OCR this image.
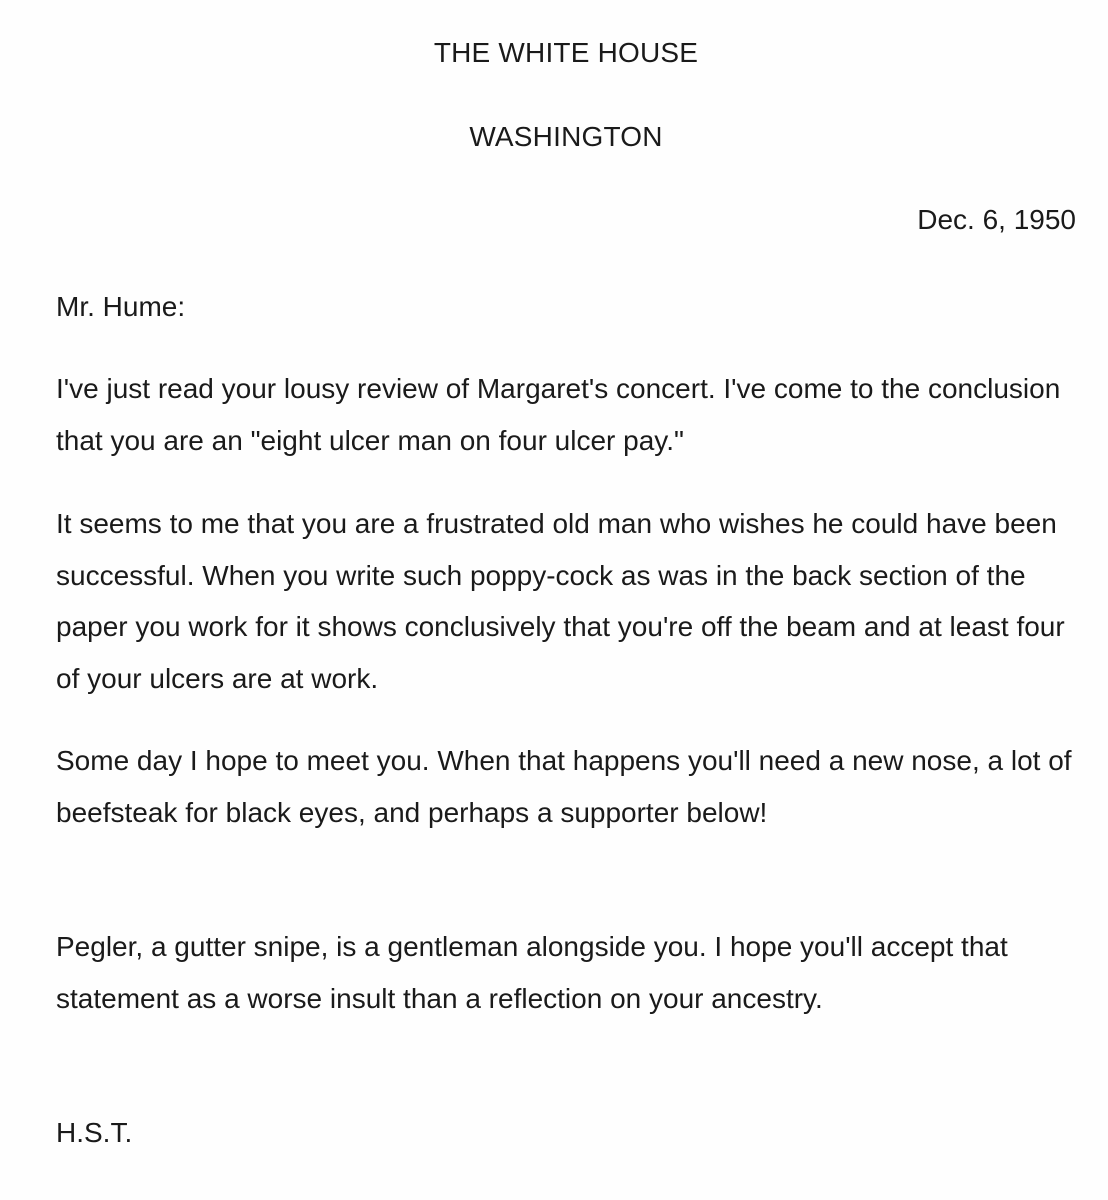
THE WHITE HOUSE
WASHINGTON

Dec. 6, 1950

Mr. Hume:

I've just read your lousy review of Margaret's concert. I've come to the conclusion that you are an "eight ulcer man on four ulcer pay."

It seems to me that you are a frustrated old man who wishes he could have been successful. When you write such poppy-cock as was in the back section of the paper you work for it shows conclusively that you're off the beam and at least four of your ulcers are at work.

Some day I hope to meet you. When that happens you'll need a new nose, a lot of beefsteak for black eyes, and perhaps a supporter below!

Pegler, a gutter snipe, is a gentleman alongside you. I hope you'll accept that statement as a worse insult than a reflection on your ancestry.

H.S.T.
